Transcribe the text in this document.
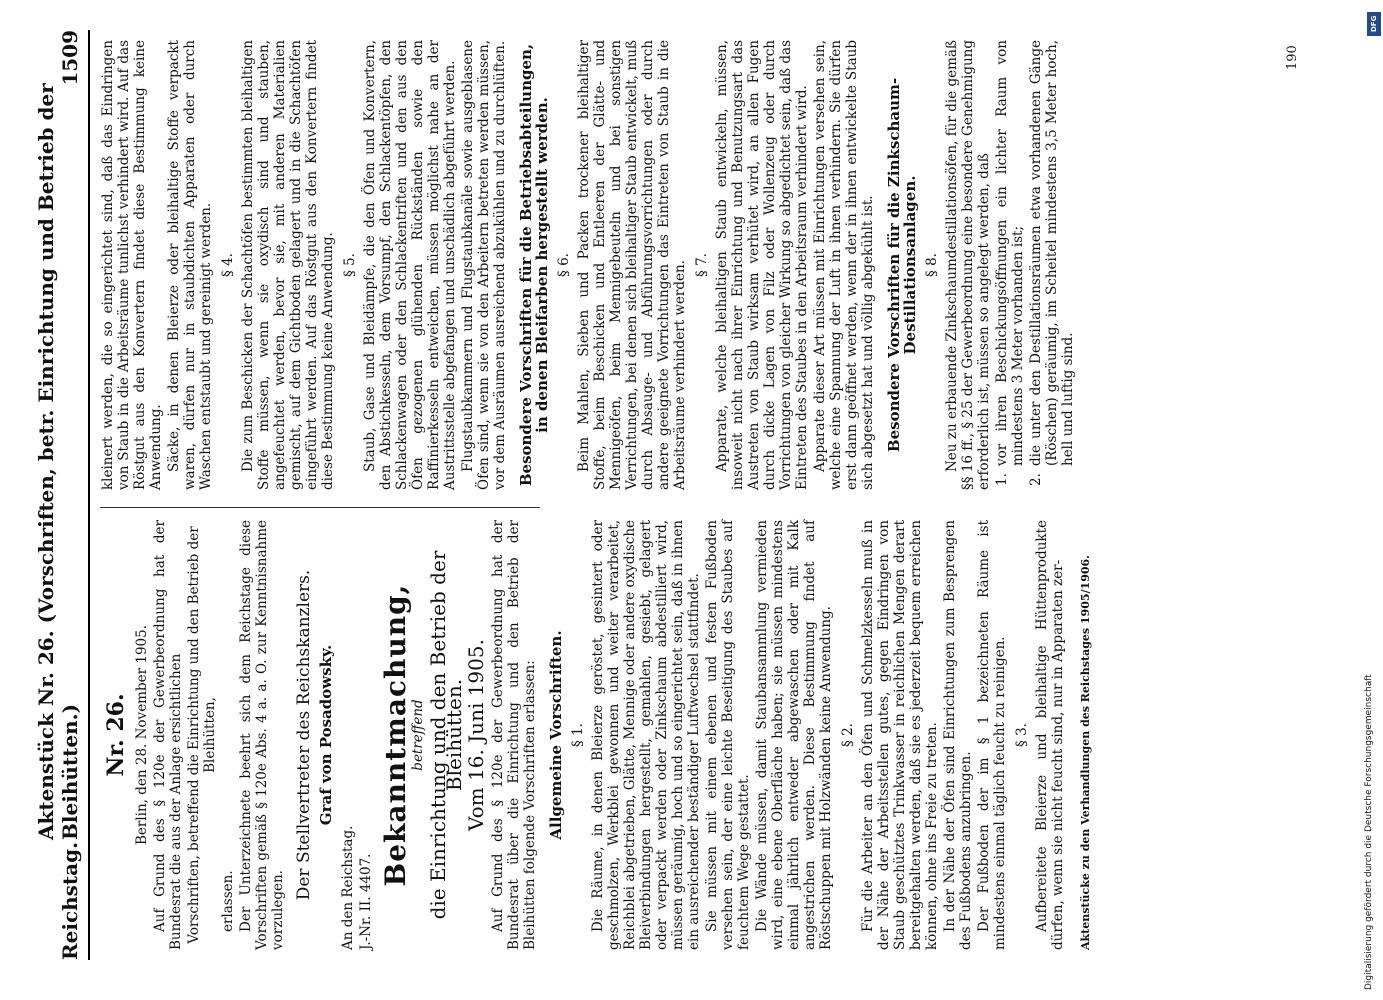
Reichstag.
Aktenstück Nr. 26. (Vorschriften, betr. Einrichtung und Betrieb der Bleihütten.)
1509
Nr. 26. Berlin, den 28. November 1905. Auf Grund des § 120e der Gewerbeordnung hat der Bundesrat die aus der Anlage ersichtlichen Vorschriften, betreffend die Einrichtung und den Betrieb der Bleihütten,

erlassen. Der Unterzeichnete beehrt sich dem Reichstage diese Vorschriften gemäß § 120e Abs. 4 a. a. O. zur Kenntnisnahme vorzulegen.

Der Stellvertreter des Reichskanzlers. Graf von Posadowsky.

An den Reichstag. J.-Nr. II. 4407.

Bekanntmachung,
betreffend die Einrichtung und den Betrieb der Bleihütten.
Vom 16. Juni 1905. Auf Grund des § 120e der Gewerbeordnung hat der Bundesrat über die Einrichtung und den Betrieb der Bleihütten folgende Vorschriften erlassen: Allgemeine Vorschriften. § 1. Die Räume, in denen Bleierze geröstet, gesintert oder geschmolzen, Werkblei gewonnen und weiter verarbeitet, Reichblei abgetrieben, Glätte, Mennige oder andere oxydische Bleiverbindungen hergestellt, gemahlen, gesiebt, gelagert oder verpackt werden oder Zinkschaum abdestilliert wird, müssen geräumig, hoch und so eingerichtet sein, daß in ihnen ein ausreichender beständiger Luftwechsel stattfindet. Sie müssen mit einem ebenen und festen Fußboden versehen sein, der eine leichte Beseitigung des Staubes auf feuchtem Wege gestattet. Die Wände müssen, damit Staubansammlung vermieden wird, eine ebene Oberfläche haben; sie müssen mindestens einmal jährlich entweder abgewaschen oder mit Kalk angestrichen werden. Diese Bestimmung findet auf Röstschuppen mit Holzwänden keine Anwendung. § 2. Für die Arbeiter an den Öfen und Schmelzkesseln muß in der Nähe der Arbeitsstellen gutes, gegen Eindringen von Staub geschütztes Trinkwasser in reichlichen Mengen derart bereitgehalten werden, daß sie es jederzeit bequem erreichen können, ohne ins Freie zu treten. In der Nähe der Öfen sind Einrichtungen zum Besprengen des Fußbodens anzubringen. Der Fußboden der im § 1 bezeichneten Räume ist mindestens einmal täglich feucht zu reinigen. § 3. Aufbereitete Bleierze und bleihaltige Hüttenprodukte dürfen, wenn sie nicht feucht sind, nur in Apparaten zer- Aktenstücke zu den Verhandlungen des Reichstages 1905/1906.

kleinert werden, die so eingerichtet sind, daß das Eindringen von Staub in die Arbeitsräume tunlichst verhindert wird. Auf das Röstgut aus den Konvertern findet diese Bestimmung keine Anwendung. Säcke, in denen Bleierze oder bleihaltige Stoffe verpackt waren, dürfen nur in staubdichten Apparaten oder durch Waschen entstaubt und gereinigt werden. § 4. Die zum Beschicken der Schachtöfen bestimmten bleihaltigen Stoffe müssen, wenn sie oxydisch sind und stauben, angefeuchtet werden, bevor sie, mit anderen Materialien gemischt, auf dem Gichtboden gelagert und in die Schachtöfen eingeführt werden. Auf das Röstgut aus den Konvertern findet diese Bestimmung keine Anwendung. § 5. Staub, Gase und Bleidämpfe, die den Öfen und Konvertern, den Abstichkesseln, dem Vorsumpf, den Schlackentöpfen, den Schlackenwagen oder den Schlackentriften und den aus den Öfen gezogenen glühenden Rückständen sowie den Raffinierkesseln entweichen, müssen möglichst nahe an der Austrittsstelle abgefangen und unschädlich abgeführt werden. Flugstaubkammern und Flugstaubkanäle sowie ausgeblasene Öfen sind, wenn sie von den Arbeitern betreten werden müssen, vor dem Ausräumen ausreichend abzukühlen und zu durchlüften. Besondere Vorschriften für die Betriebsabteilungen, in denen Bleifarben hergestellt werden. § 6. Beim Mahlen, Sieben und Packen trockener bleihaltiger Stoffe, beim Beschicken und Entleeren der Glätte- und Mennigeöfen, beim Mennigebeuteln und bei sonstigen Verrichtungen, bei denen sich bleihaltiger Staub entwickelt, muß durch Absauge- und Abführungsvorrichtungen oder durch andere geeignete Vorrichtungen das Eintreten von Staub in die Arbeitsräume verhindert werden. § 7. Apparate, welche bleihaltigen Staub entwickeln, müssen, insoweit nicht nach ihrer Einrichtung und Benutzungsart das Austreten von Staub wirksam verhütet wird, an allen Fugen durch dicke Lagen von Filz oder Wollenzeug oder durch Vorrichtungen von gleicher Wirkung so abgedichtet sein, daß das Eintreten des Staubes in den Arbeitsraum verhindert wird. Apparate dieser Art müssen mit Einrichtungen versehen sein, welche eine Spannung der Luft in ihnen verhindern. Sie dürfen erst dann geöffnet werden, wenn der in ihnen entwickelte Staub sich abgesetzt hat und völlig abgekühlt ist. Besondere Vorschriften für die Zinkschaum-Destillationsanlagen. § 8. Neu zu erbauende Zinkschaumdestillationsöfen, für die gemäß §§ 16 ff., § 25 der Gewerbeordnung eine besondere Genehmigung erforderlich ist, müssen so angelegt werden, daß 1.
vor ihren Beschickungsöffnungen ein lichter Raum von mindestens 3 Meter vorhanden ist;

2.
die unter den Destillationsräumen etwa vorhandenen Gänge (Röschen) geräumig, im Scheitel mindestens 3,5 Meter hoch, hell und luftig sind.

190
DFG
Digitalisierung gefördert durch die Deutsche Forschungsgemeinschaft
